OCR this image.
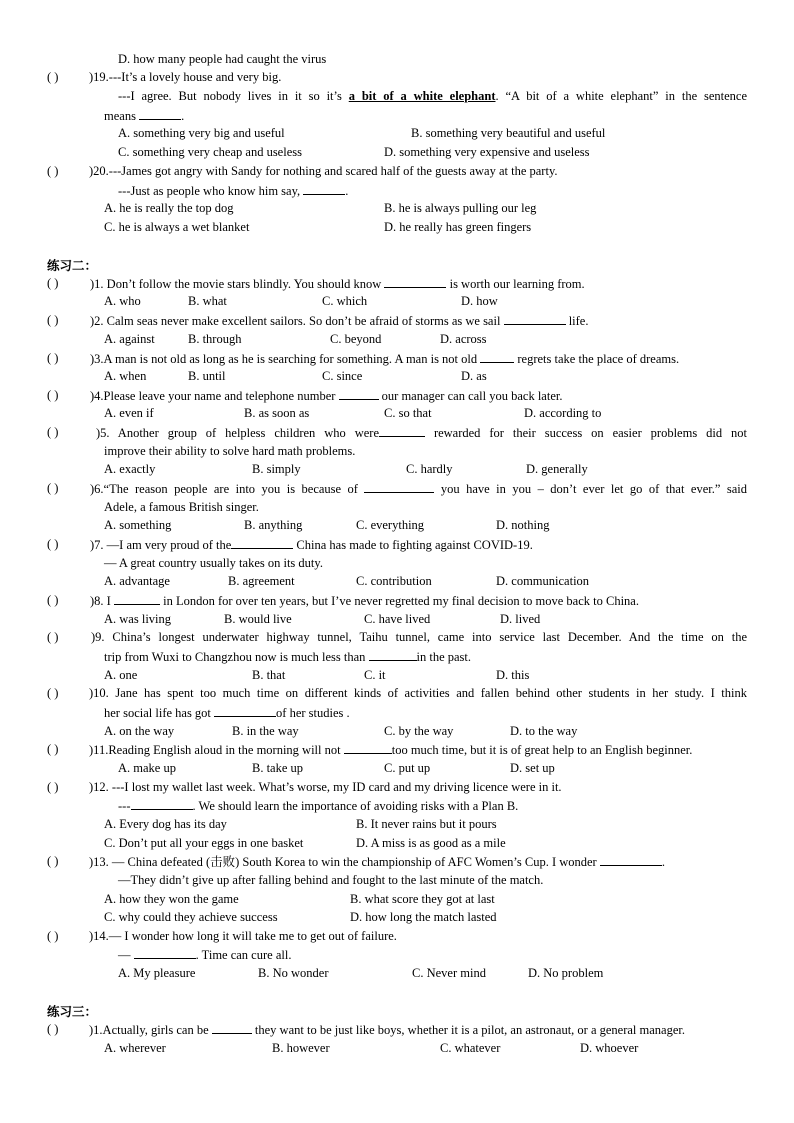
D. how many people had caught the virus
( ) )19.---It’s a lovely house and very big.
---I agree. But nobody lives in it so it’s a bit of a white elephant. “A bit of a white elephant” in the sentence
means	.
A. something very big and useful	B. something very beautiful and useful
C. something very cheap and useless	D. something very expensive and useless
( ) )20.---James got angry with Sandy for nothing and scared half of the guests away at the party.
---Just as people who know him say,	.
A. he is really the top dog	B. he is always pulling our leg
C. he is always a wet blanket	D. he really has green fingers
练习二：
( )	)1. Don’t follow the movie stars blindly. You should know	is worth our learning from.
A. who	B. what	C. which	D. how
( )	)2. Calm seas never make excellent sailors. So don’t be afraid of storms as we sail	life.
A. against	B. through	C. beyond	D. across
( )	)3.A man is not old as long as he is searching for something. A man is not old	regrets take the place of dreams.
A. when	B. until	C. since	D. as
( )	)4.Please leave your name and telephone number	our manager can call you back later.
A. even if	B. as soon as	C. so that	D. according to
( )	)5. Another group of helpless children who were	rewarded for their success on easier problems did not
improve their ability to solve hard math problems.
A. exactly	B. simply	C. hardly	D. generally
( )	)6.“The reason people are into you is because of	you have in you – don’t ever let go of that ever.” said
Adele, a famous British singer.
A. something	B. anything	C. everything	D. nothing
( )	)7. —I am very proud of the	China has made to fighting against COVID-19.
— A great country usually takes on its duty.
A. advantage	B. agreement	C. contribution	D. communication
( )	)8. I	in London for over ten years, but I’ve never regretted my final decision to move back to China.
A. was living	B. would live	C. have lived	D. lived
( )	)9. China’s longest underwater highway tunnel, Taihu tunnel, came into service last December. And the time on the
trip from Wuxi to Changzhou now is much less than	in the past.
A. one	B. that	C. it	D. this
( ) )10. Jane has spent too much time on different kinds of activities and fallen behind other students in her study. I think
her social life has got	of her studies .
A. on the way	B. in the way	C. by the way	D. to the way
( ) )11.Reading English aloud in the morning will not	too much time, but it is of great help to an English beginner.
A. make up	B. take up	C. put up	D. set up
( ) )12. ---I lost my wallet last week. What’s worse, my ID card and my driving licence were in it.
---	. We should learn the importance of avoiding risks with a Plan B.
A. Every dog has its day	B. It never rains but it pours
C. Don’t put all your eggs in one basket	D. A miss is as good as a mile
( ) )13. — China defeated (击败) South Korea to win the championship of AFC Women’s Cup. I wonder	.
—They didn’t give up after falling behind and fought to the last minute of the match.
A. how they won the game	B. what score they got at last
C. why could they achieve success	D. how long the match lasted
( ) )14.— I wonder how long it will take me to get out of failure.
—	. Time can cure all.
A. My pleasure	B. No wonder	C. Never mind	D. No problem
练习三：
( ) )1.Actually, girls can be	they want to be just like boys, whether it is a pilot, an astronaut, or a general manager.
A. wherever	B. however	C. whatever	D. whoever
